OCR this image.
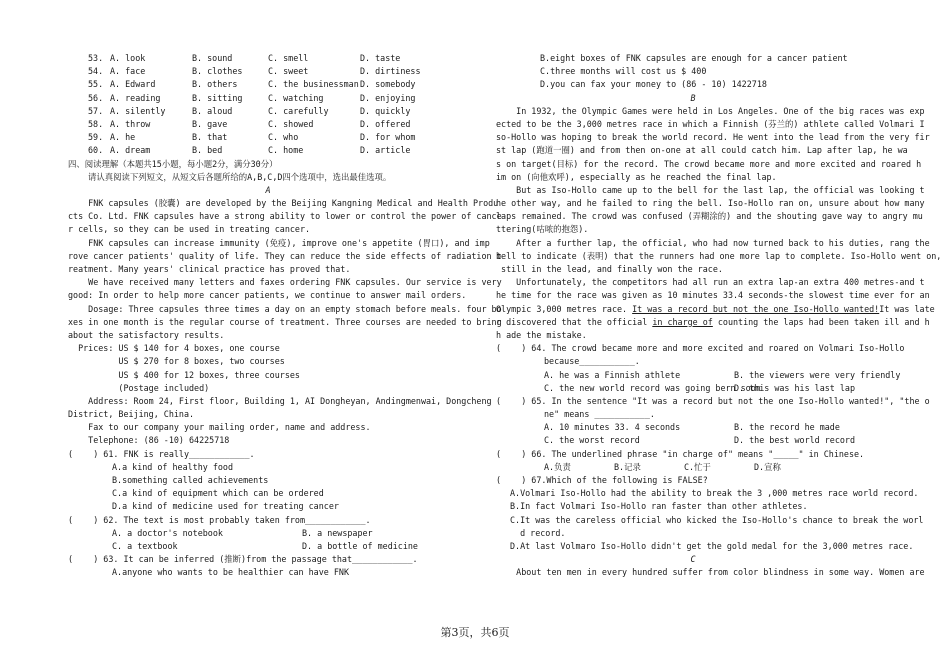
53. A. look	B. sound	C. smell	D. taste
54. A. face	B. clothes	C. sweet	D. dirtiness
55. A. Edward	B. others	C. the businessman D. somebody
56. A. reading	B. sitting	C. watching	D. enjoying
57. A. silently	B. aloud	C. carefully	D. quickly
58. A. throw	B. gave	C. showed	D. offered
59. A. he	B. that	C. who	D. for whom
60. A. dream	B. bed	C. home	D. article
四、阅读理解（本题共15小题，每小题2分，满分30分）
请认真阅读下列短文，从短文后各题所给的A,B,C,D四个选项中，选出最佳选项。
A
FNK capsules (胶囊) are developed by the Beijing Kangning Medical and Health Produ
cts Co. Ltd. FNK capsules have a strong ability to lower or control the power of cance
r cells, so they can be used in treating cancer.
FNK capsules can increase immunity (免疫), improve one's appetite (胃口), and imp
rove cancer patients' quality of life. They can reduce the side effects of radiation t
reatment. Many years' clinical practice has proved that.
We have received many letters and faxes ordering FNK capsules. Our service is very
good: In order to help more cancer patients, we continue to answer mail orders.
Dosage: Three capsules three times a day on an empty stomach before meals. four bo
xes in one month is the regular course of treatment. Three courses are needed to bring
about the satisfactory results.
Prices: US $ 140 for 4 boxes, one course
US $ 270 for 8 boxes, two courses
US $ 400 for 12 boxes, three courses
(Postage included)
Address: Room 24, First floor, Building 1, AI Dongheyan, Andingmenwai, Dongcheng
District, Beijing, China.
Fax to our company your mailing order, name and address.
Telephone: (86 -10) 64225718
(    ) 61. FNK is really____________.
A.a kind of healthy food
B.something called achievements
C.a kind of equipment which can be ordered
D.a kind of medicine used for treating cancer
(    ) 62. The text is most probably taken from____________.
A. a doctor's notebook	B. a newspaper
C. a textbook	D. a bottle of medicine
(    ) 63. It can be inferred (推断)from the passage that____________.
A.anyone who wants to be healthier can have FNK
B.eight boxes of FNK capsules are enough for a cancer patient
C.three months will cost us $ 400
D.you can fax your money to (86 - 10) 1422718
B
In 1932, the Olympic Games were held in Los Angeles. One of the big races was exp
ected to be the 3,000 metres race in which a Finnish (芬兰的) athlete called Volmari I
so-Hollo was hoping to break the world record. He went into the lead from the very fir
st lap (跑道一圈) and from then on-one at all could catch him. Lap after lap, he wa
s on target(目标) for the record. The crowd became more and more excited and roared h
im on (向他欢呼), especially as he reached the final lap.
But as Iso-Hollo came up to the bell for the last lap, the official was looking t
he other way, and he failed to ring the bell. Iso-Hollo ran on, unsure about how many
laps remained. The crowd was confused (弄糊涂的) and the shouting gave way to angry mu
ttering(咕哝的抱怨).
After a further lap, the official, who had now turned back to his duties, rang the
bell to indicate (表明) that the runners had one more lap to complete. Iso-Hollo went on,
still in the lead, and finally won the race.
Unfortunately, the competitors had all run an extra lap-an extra 400 metres-and t
he time for the race was given as 10 minutes 33.4 seconds-the slowest time ever for an
Olympic 3,000 metres race. It was a record but not the one Iso-Hollo wanted!It was late
r discovered that the official in charge of counting the laps had been taken ill and h
h ade the mistake.
(    ) 64. The crowd became more and more excited and roared on Volmari Iso-Hollo
because___________.
A. he was a Finnish athlete	B. the viewers were very friendly
C. the new world record was going bern soon
D. this was his last lap
(    ) 65. In the sentence "It was a record but not the one Iso-Hollo wanted!", "the o
ne" means ___________.
A. 10 minutes 33. 4 seconds	B. the record he made
C. the worst record	D. the best world record
(    ) 66. The underlined phrase "in charge of" means "_____" in Chinese.
A.负责	B.记录	C.忙于	D.宣称
(    ) 67.Which of the following is FALSE?
A.Volmari Iso-Hollo had the ability to break the 3 ,000 metres race world record.
B.In fact Volmari Iso-Hollo ran faster than other athletes.
C.It was the careless official who kicked the Iso-Hollo's chance to break the worl
d record.
D.At last Volmaro Iso-Hollo didn't get the gold medal for the 3,000 metres race.
C
About ten men in every hundred suffer from color blindness in some way. Women are
第3页，共6页
